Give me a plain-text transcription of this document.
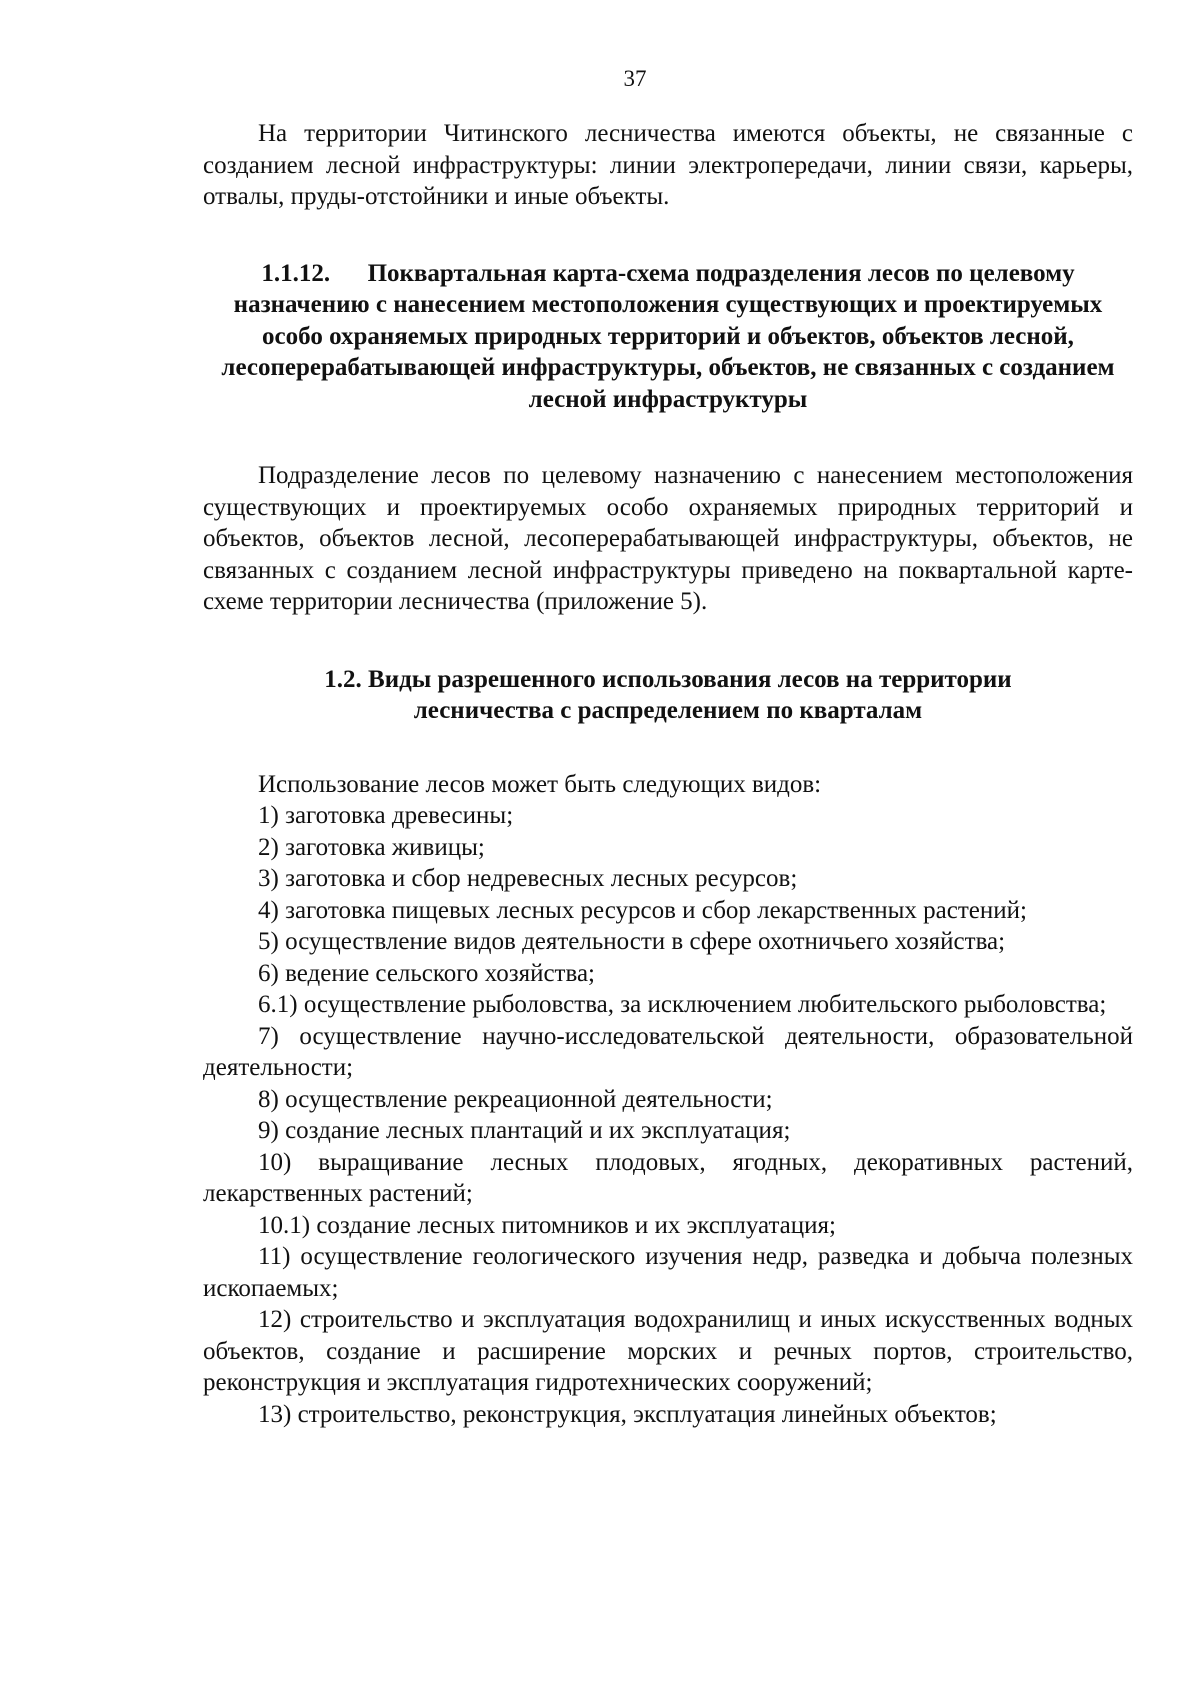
37

На территории Читинского лесничества имеются объекты, не связанные с созданием лесной инфраструктуры: линии электропередачи, линии связи, карьеры, отвалы, пруды-отстойники и иные объекты.

1.1.12. Поквартальная карта-схема подразделения лесов по целевому назначению с нанесением местоположения существующих и проектируемых особо охраняемых природных территорий и объектов, объектов лесной, лесоперерабатывающей инфраструктуры, объектов, не связанных с созданием лесной инфраструктуры

Подразделение лесов по целевому назначению с нанесением местоположения существующих и проектируемых особо охраняемых природных территорий и объектов, объектов лесной, лесоперерабатывающей инфраструктуры, объектов, не связанных с созданием лесной инфраструктуры приведено на поквартальной карте-схеме территории лесничества (приложение 5).

1.2. Виды разрешенного использования лесов на территории
лесничества с распределением по кварталам

Использование лесов может быть следующих видов:

1) заготовка древесины;

2) заготовка живицы;

3) заготовка и сбор недревесных лесных ресурсов;

4) заготовка пищевых лесных ресурсов и сбор лекарственных растений;

5) осуществление видов деятельности в сфере охотничьего хозяйства;

6) ведение сельского хозяйства;

6.1) осуществление рыболовства, за исключением любительского рыболовства;

7) осуществление научно-исследовательской деятельности, образовательной деятельности;

8) осуществление рекреационной деятельности;

9) создание лесных плантаций и их эксплуатация;

10) выращивание лесных плодовых, ягодных, декоративных растений, лекарственных растений;

10.1) создание лесных питомников и их эксплуатация;

11) осуществление геологического изучения недр, разведка и добыча полезных ископаемых;

12) строительство и эксплуатация водохранилищ и иных искусственных водных объектов, создание и расширение морских и речных портов, строительство, реконструкция и эксплуатация гидротехнических сооружений;

13) строительство, реконструкция, эксплуатация линейных объектов;
